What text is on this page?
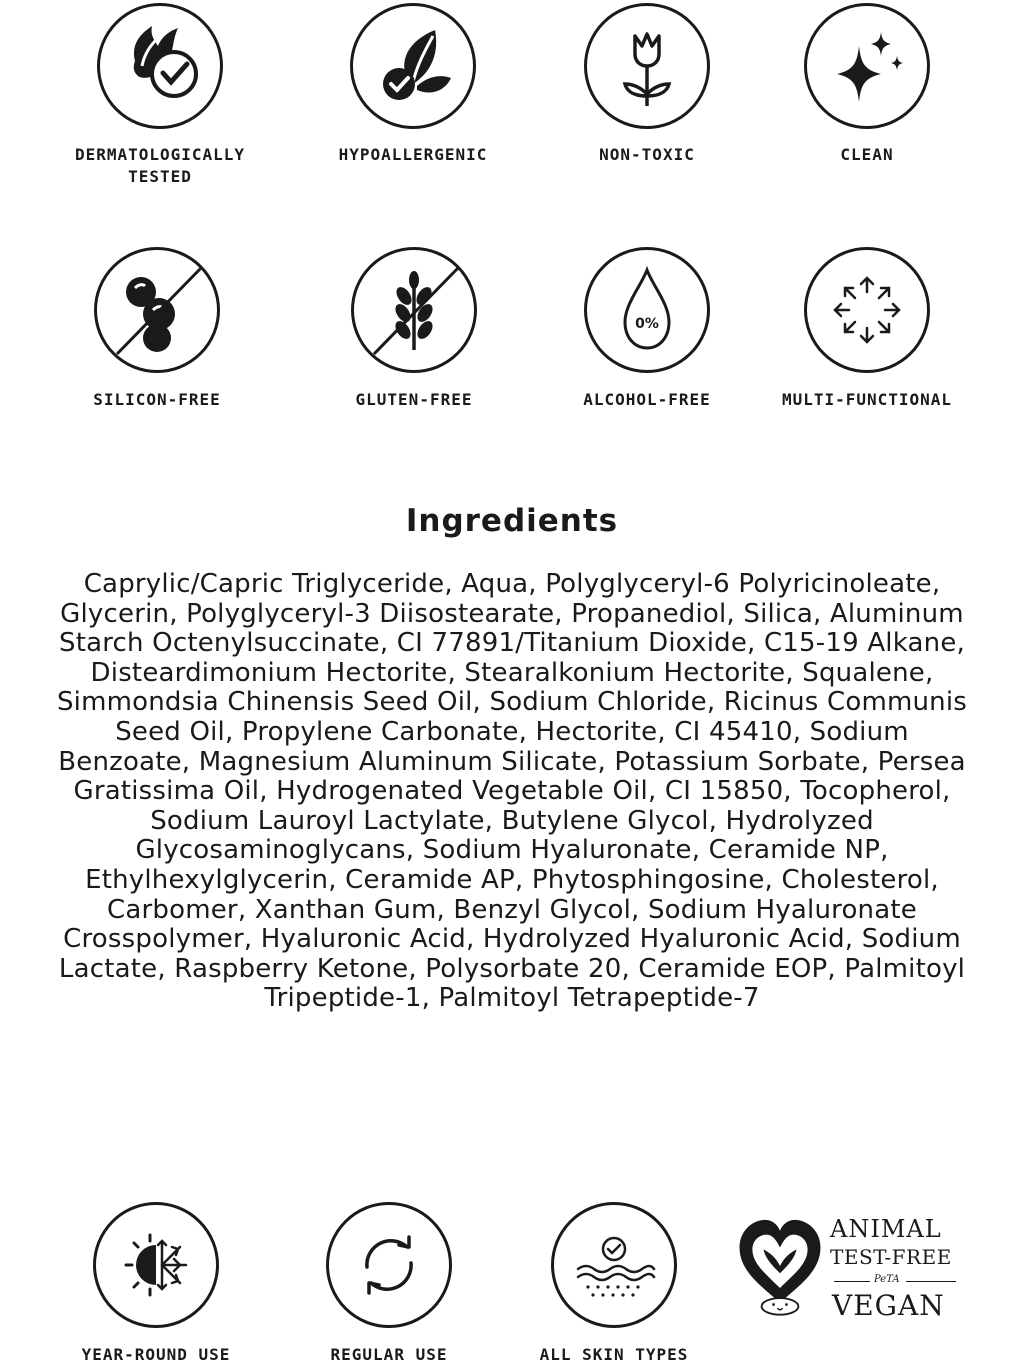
DERMATOLOGICALLY
TESTED
HYPOALLERGENIC	NON-TOXIC	CLEAN
SILICON-FREE	GLUTEN-FREE
0%
ALCOHOL-FREE	MULTI-FUNCTIONAL
Ingredients
Caprylic/Capric Triglyceride, Aqua, Polyglyceryl-6 Polyricinoleate, Glycerin, Polyglyceryl-3 Diisostearate, Propanediol, Silica, Aluminum Starch Octenylsuccinate, CI 77891/Titanium Dioxide, C15-19 Alkane, Disteardimonium Hectorite, Stearalkonium Hectorite, Squalene, Simmondsia Chinensis Seed Oil, Sodium Chloride, Ricinus Communis Seed Oil, Propylene Carbonate, Hectorite, CI 45410, Sodium Benzoate, Magnesium Aluminum Silicate, Potassium Sorbate, Persea Gratissima Oil, Hydrogenated Vegetable Oil, CI 15850, Tocopherol, Sodium Lauroyl Lactylate, Butylene Glycol, Hydrolyzed Glycosaminoglycans, Sodium Hyaluronate, Ceramide NP, Ethylhexylglycerin, Ceramide AP, Phytosphingosine, Cholesterol, Carbomer, Xanthan Gum, Benzyl Glycol, Sodium Hyaluronate Crosspolymer, Hyaluronic Acid, Hydrolyzed Hyaluronic Acid, Sodium Lactate, Raspberry Ketone, Polysorbate 20, Ceramide EOP, Palmitoyl Tripeptide-1, Palmitoyl Tetrapeptide-7
YEAR-ROUND USE	REGULAR USE	ALL SKIN TYPES
ANIMAL
TEST-FREE
PeTA
VEGAN
